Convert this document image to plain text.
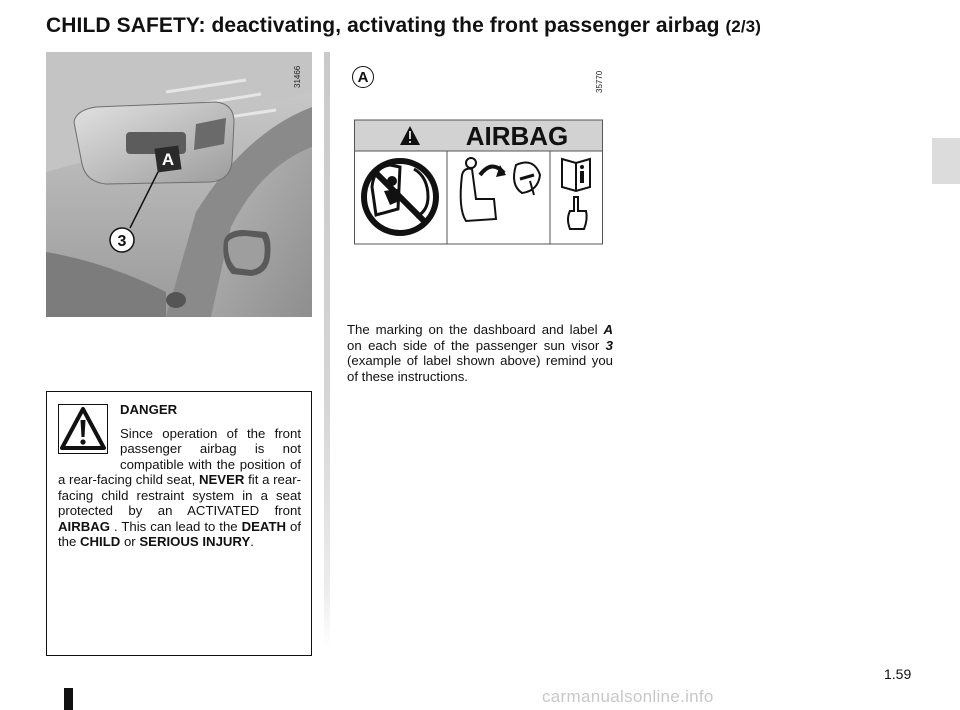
CHILD SAFETY: deactivating, activating the front passenger airbag (2/3)
A
3
31466	A	35770
AIRBAG

The marking on the dashboard and label A on each side of the passenger sun visor 3 (example of label shown above) remind you of these instructions.

DANGER

Since operation of the front passenger airbag is not compatible with the position of a rear-facing child seat, NEVER fit a rear-facing child restraint system in a seat protected by an ACTIVATED front AIRBAG . This can lead to the DEATH of the CHILD or SERIOUS INJURY.

1.59
carmanualsonline.info
